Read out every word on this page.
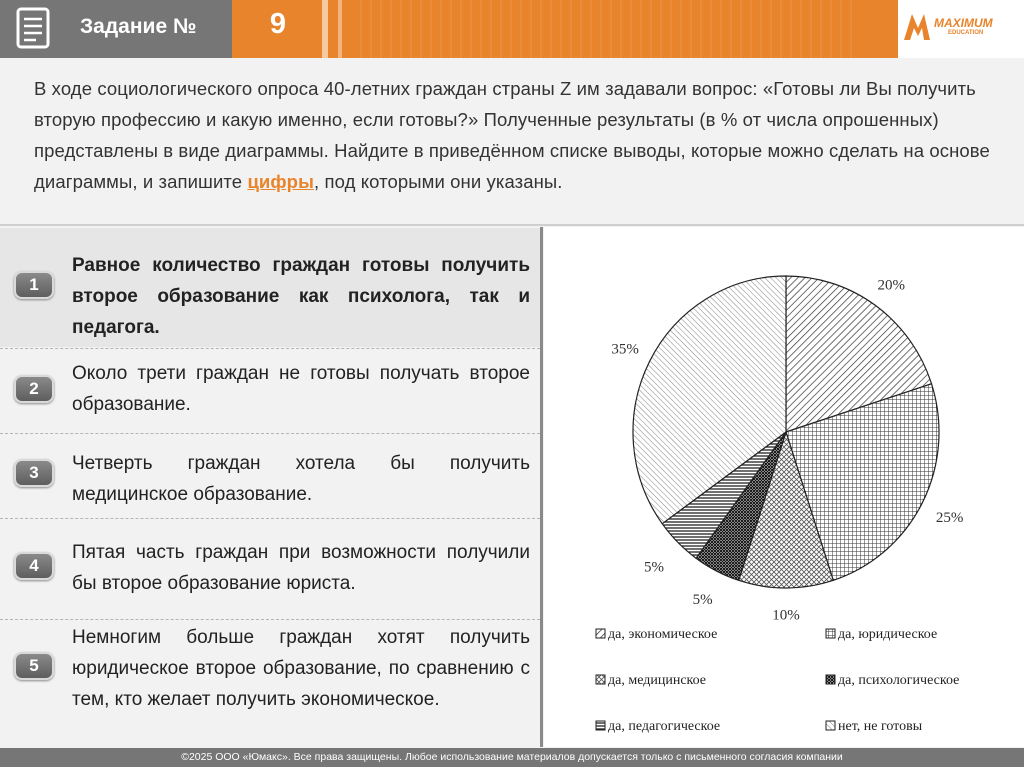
Задание №	9	MAXIMUM
EDUCATION
В ходе социологического опроса 40-летних граждан страны Z им задавали вопрос: «Готовы ли Вы получить вторую профессию и какую именно, если готовы?» Полученные результаты (в % от числа опрошенных) представлены в виде диаграммы. Найдите в приведённом списке выводы, которые можно сделать на основе диаграммы, и запишите цифры, под которыми они указаны.
1
Равное количество граждан готовы получить второе образование как психолога, так и педагога.
2
Около трети граждан не готовы получать второе образование.
3	Четверть граждан хотела бы получить медицинское образование.
4
Пятая часть граждан при возможности получили бы второе образование юриста.
5
Немногим больше граждан хотят получить юридическое второе образование, по сравнению с тем, кто желает получить экономическое.
20%
25%
10%
5%
5%
35%
да, экономическое	да, юридическое
да, медицинское	да, психологическое
да, педагогическое	нет, не готовы
©2025 ООО «Юмакс». Все права защищены. Любое использование материалов допускается только с письменного согласия компании
